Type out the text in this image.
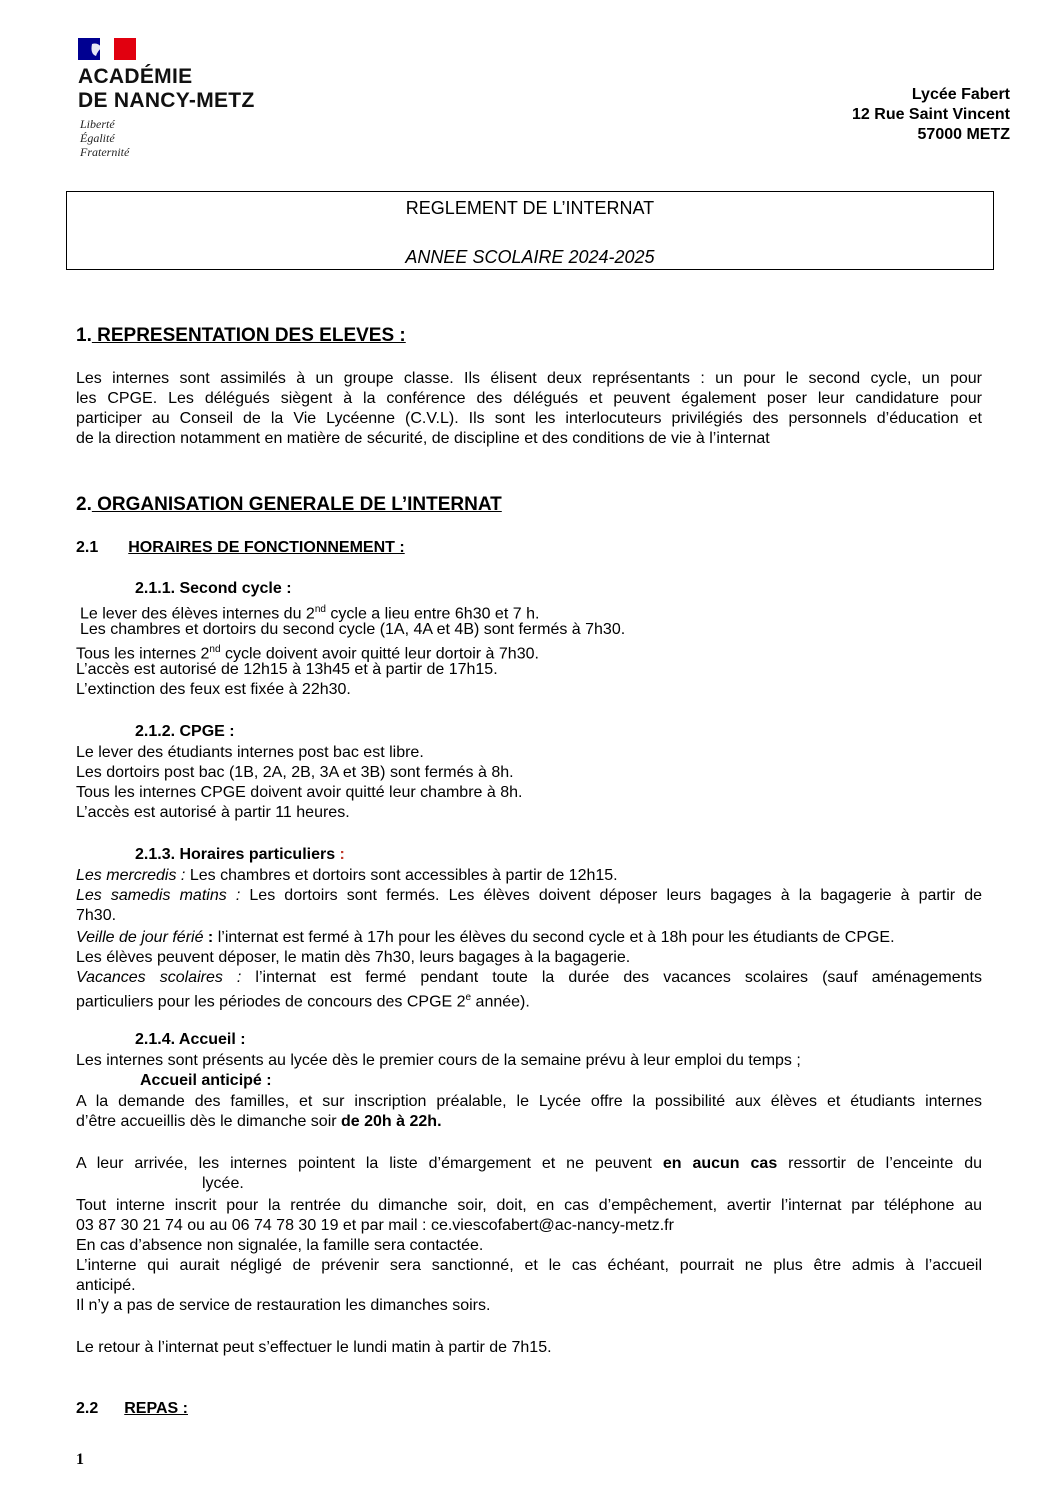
ACADÉMIE
DE NANCY-METZ
Liberté
Égalité
Fraternité
Lycée Fabert
12 Rue Saint Vincent
57000 METZ
REGLEMENT DE L’INTERNAT
ANNEE SCOLAIRE 2024-2025
1. REPRESENTATION DES ELEVES :
Les internes sont assimilés à un groupe classe. Ils élisent deux représentants : un pour le second cycle, un pour
les CPGE. Les délégués siègent à la conférence des délégués et peuvent également poser leur candidature pour
participer au Conseil de la Vie Lycéenne (C.V.L). Ils sont les interlocuteurs privilégiés des personnels d’éducation et
de la direction notamment en matière de sécurité, de discipline et des conditions de vie à l’internat
2. ORGANISATION GENERALE DE L’INTERNAT
2.1 HORAIRES DE FONCTIONNEMENT :
2.1.1. Second cycle :
Le lever des élèves internes du 2nd cycle a lieu entre 6h30 et 7 h.
Les chambres et dortoirs du second cycle (1A, 4A et 4B) sont fermés à 7h30.
Tous les internes 2nd cycle doivent avoir quitté leur dortoir à 7h30.
L’accès est autorisé de 12h15 à 13h45 et à partir de 17h15.
L’extinction des feux est fixée à 22h30.
2.1.2. CPGE :
Le lever des étudiants internes post bac est libre.
Les dortoirs post bac (1B, 2A, 2B, 3A et 3B) sont fermés à 8h.
Tous les internes CPGE doivent avoir quitté leur chambre à 8h.
L’accès est autorisé à partir 11 heures.
2.1.3. Horaires particuliers :
Les mercredis : Les chambres et dortoirs sont accessibles à partir de 12h15.
Les samedis matins : Les dortoirs sont fermés. Les élèves doivent déposer leurs bagages à la bagagerie à partir de
7h30.
Veille de jour férié : l’internat est fermé à 17h pour les élèves du second cycle et à 18h pour les étudiants de CPGE.
Les élèves peuvent déposer, le matin dès 7h30, leurs bagages à la bagagerie.
Vacances scolaires : l’internat est fermé pendant toute la durée des vacances scolaires (sauf aménagements
particuliers pour les périodes de concours des CPGE 2e année).
2.1.4. Accueil :
Les internes sont présents au lycée dès le premier cours de la semaine prévu à leur emploi du temps ;
Accueil anticipé :
A la demande des familles, et sur inscription préalable, le Lycée offre la possibilité aux élèves et étudiants internes
d’être accueillis dès le dimanche soir de 20h à 22h.
A leur arrivée, les internes pointent la liste d’émargement et ne peuvent en aucun cas ressortir de l’enceinte du
lycée.
Tout interne inscrit pour la rentrée du dimanche soir, doit, en cas d’empêchement, avertir l’internat par téléphone au
03 87 30 21 74 ou au 06 74 78 30 19 et par mail : ce.viescofabert@ac-nancy-metz.fr
En cas d’absence non signalée, la famille sera contactée.
L’interne qui aurait négligé de prévenir sera sanctionné, et le cas échéant, pourrait ne plus être admis à l’accueil
anticipé.
Il n’y a pas de service de restauration les dimanches soirs.
Le retour à l’internat peut s’effectuer le lundi matin à partir de 7h15.
2.2 REPAS :
1
